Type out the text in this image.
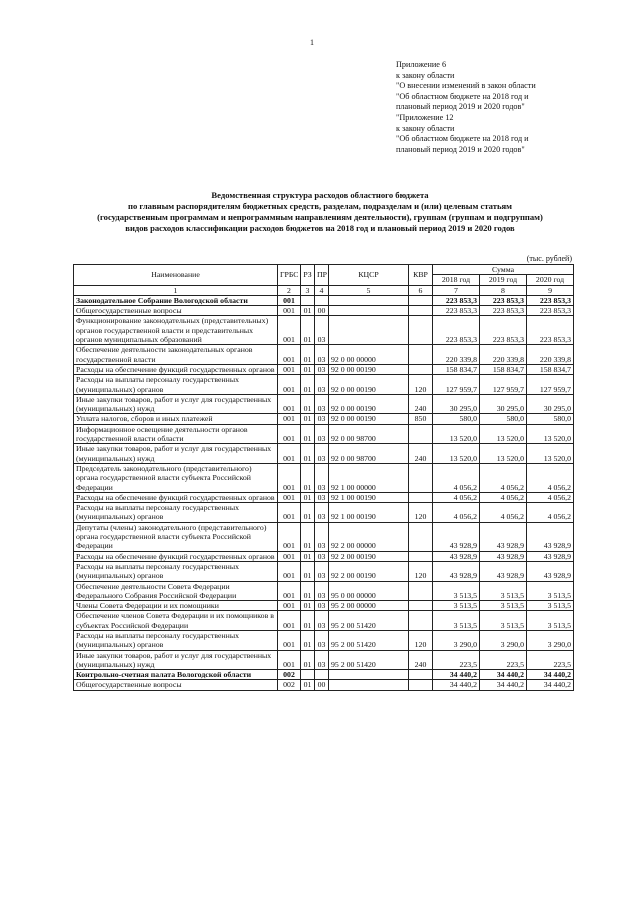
1
Приложение 6
к закону области
"О внесении изменений в закон области
"Об областном бюджете на 2018 год и
плановый период 2019 и 2020 годов"
"Приложение 12
к закону области
"Об областном бюджете на 2018 год и
плановый период 2019 и 2020 годов"
Ведомственная структура расходов областного бюджета
по главным распорядителям бюджетных средств, разделам, подразделам и (или) целевым статьям
(государственным программам и непрограммным направлениям деятельности), группам (группам и подгруппам)
видов расходов классификации расходов бюджетов на 2018 год и плановый период 2019 и 2020 годов
(тыс. рублей)
Наименование	ГРБС	РЗ	ПР	КЦСР	КВР	Сумма		
						2018 год	2019 год	2020 год
1	2	3	4	5	6	7	8	9
Законодательное Собрание Вологодской области	001					223 853,3	223 853,3	223 853,3
Общегосударственные вопросы	001	01	00			223 853,3	223 853,3	223 853,3
Функционирование законодательных (представительных) органов государственной власти и представительных органов муниципальных образований	001	01	03			223 853,3	223 853,3	223 853,3
Обеспечение деятельности законодательных органов государственной власти	001	01	03	92 0 00 00000		220 339,8	220 339,8	220 339,8
Расходы на обеспечение функций государственных органов	001	01	03	92 0 00 00190		158 834,7	158 834,7	158 834,7
Расходы на выплаты персоналу государственных (муниципальных) органов	001	01	03	92 0 00 00190	120	127 959,7	127 959,7	127 959,7
Иные закупки товаров, работ и услуг для государственных (муниципальных) нужд	001	01	03	92 0 00 00190	240	30 295,0	30 295,0	30 295,0
Уплата налогов, сборов и иных платежей	001	01	03	92 0 00 00190	850	580,0	580,0	580,0
Информационное освещение деятельности органов государственной власти области	001	01	03	92 0 00 98700		13 520,0	13 520,0	13 520,0
Иные закупки товаров, работ и услуг для государственных (муниципальных) нужд	001	01	03	92 0 00 98700	240	13 520,0	13 520,0	13 520,0
Председатель законодательного (представительного) органа государственной власти субъекта Российской Федерации	001	01	03	92 1 00 00000		4 056,2	4 056,2	4 056,2
Расходы на обеспечение функций государственных органов	001	01	03	92 1 00 00190		4 056,2	4 056,2	4 056,2
Расходы на выплаты персоналу государственных (муниципальных) органов	001	01	03	92 1 00 00190	120	4 056,2	4 056,2	4 056,2
Депутаты (члены) законодательного (представительного) органа государственной власти субъекта Российской Федерации	001	01	03	92 2 00 00000		43 928,9	43 928,9	43 928,9
Расходы на обеспечение функций государственных органов	001	01	03	92 2 00 00190		43 928,9	43 928,9	43 928,9
Расходы на выплаты персоналу государственных (муниципальных) органов	001	01	03	92 2 00 00190	120	43 928,9	43 928,9	43 928,9
Обеспечение деятельности Совета Федерации Федерального Собрания Российской Федерации	001	01	03	95 0 00 00000		3 513,5	3 513,5	3 513,5
Члены Совета Федерации и их помощники	001	01	03	95 2 00 00000		3 513,5	3 513,5	3 513,5
Обеспечение членов Совета Федерации и их помощников в субъектах Российской Федерации	001	01	03	95 2 00 51420		3 513,5	3 513,5	3 513,5
Расходы на выплаты персоналу государственных (муниципальных) органов	001	01	03	95 2 00 51420	120	3 290,0	3 290,0	3 290,0
Иные закупки товаров, работ и услуг для государственных (муниципальных) нужд	001	01	03	95 2 00 51420	240	223,5	223,5	223,5
Контрольно-счетная палата Вологодской области	002					34 440,2	34 440,2	34 440,2
Общегосударственные вопросы	002	01	00			34 440,2	34 440,2	34 440,2
